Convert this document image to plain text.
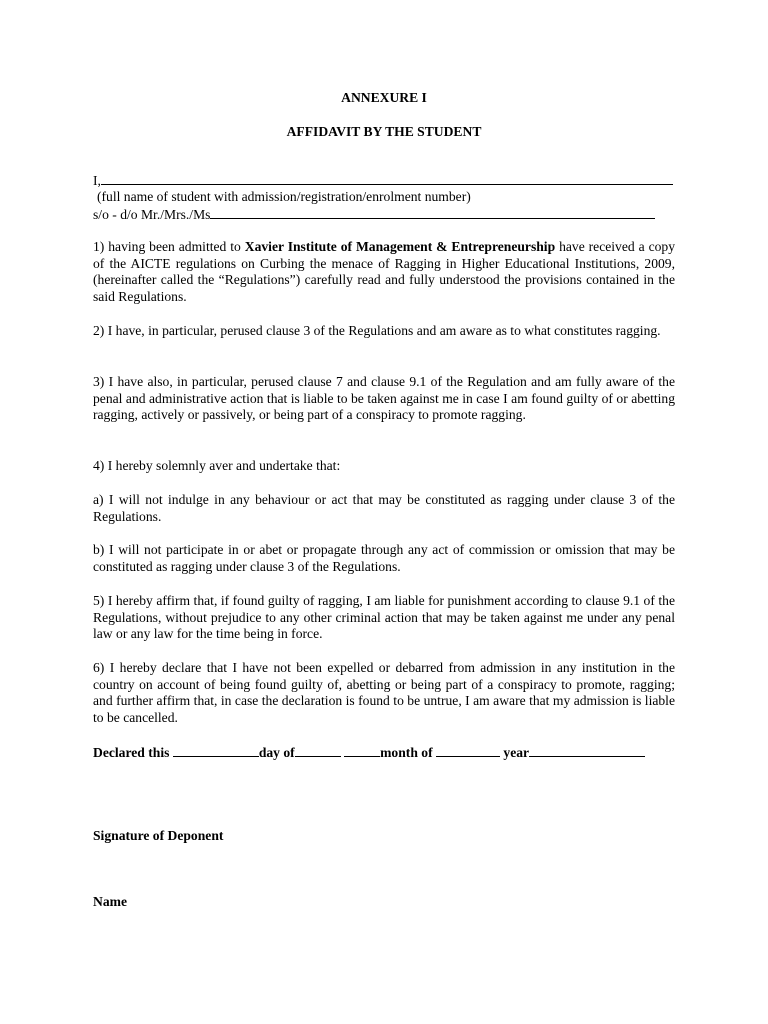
ANNEXURE I
AFFIDAVIT BY THE STUDENT
I,
(full name of student with admission/registration/enrolment number)
s/o - d/o Mr./Mrs./Ms
1) having been admitted to Xavier Institute of Management & Entrepreneurship have received a copy of the AICTE regulations on Curbing the menace of Ragging in Higher Educational Institutions, 2009, (hereinafter called the “Regulations”) carefully read and fully understood the provisions contained in the said Regulations.
2) I have, in particular, perused clause 3 of the Regulations and am aware as to what constitutes ragging.
3) I have also, in particular, perused clause 7 and clause 9.1 of the Regulation and am fully aware of the penal and administrative action that is liable to be taken against me in case I am found guilty of or abetting ragging, actively or passively, or being part of a conspiracy to promote ragging.
4) I hereby solemnly aver and undertake that:
a) I will not indulge in any behaviour or act that may be constituted as ragging under clause 3 of the Regulations.
b) I will not participate in or abet or propagate through any act of commission or omission that may be constituted as ragging under clause 3 of the Regulations.
5) I hereby affirm that, if found guilty of ragging, I am liable for punishment according to clause 9.1 of the Regulations, without prejudice to any other criminal action that may be taken against me under any penal law or any law for the time being in force.
6) I hereby declare that I have not been expelled or debarred from admission in any institution in the country on account of being found guilty of, abetting or being part of a conspiracy to promote, ragging; and further affirm that, in case the declaration is found to be untrue, I am aware that my admission is liable to be cancelled.
Declared this	day of	month of	year
Signature of Deponent
Name
